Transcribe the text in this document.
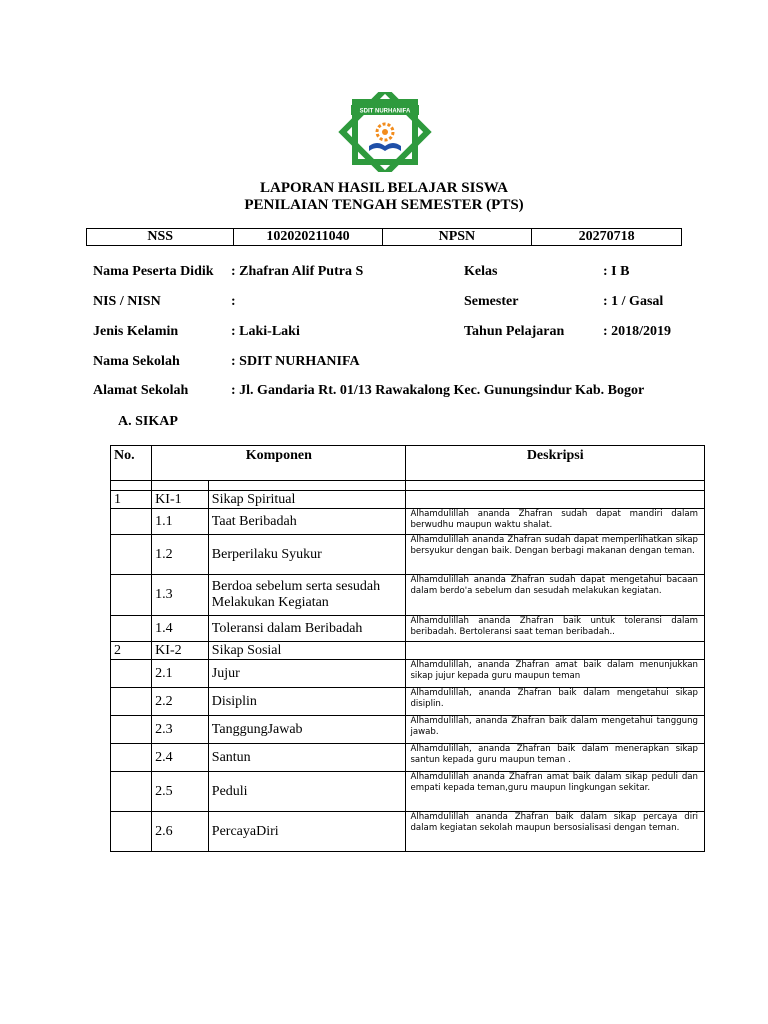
SDIT NURHANIFA
LAPORAN HASIL BELAJAR SISWA
PENILAIAN TENGAH SEMESTER (PTS)
NSS	102020211040	NPSN	20270718
Nama Peserta Didik : Zhafran Alif Putra S	Kelas	: I B
NIS / NISN	:	Semester	: 1 / Gasal
Jenis Kelamin	: Laki-Laki	Tahun Pelajaran	: 2018/2019
Nama Sekolah	: SDIT NURHANIFA
Alamat Sekolah	: Jl. Gandaria Rt. 01/13 Rawakalong Kec. Gunungsindur Kab. Bogor
A. SIKAP
No.	Komponen		Deskripsi

1	KI-1	Sikap Spiritual	
	1.1	Taat Beribadah	Alhamdulillah ananda Zhafran sudah dapat mandiri dalam berwudhu maupun waktu shalat.
	1.2	Berperilaku Syukur	Alhamdulillah ananda Zhafran sudah dapat memperlihatkan sikap bersyukur dengan baik. Dengan berbagi makanan dengan teman.
	1.3	Berdoa sebelum serta sesudah Melakukan Kegiatan	Alhamdulillah ananda Zhafran sudah dapat mengetahui bacaan dalam berdo'a sebelum dan sesudah melakukan kegiatan.
	1.4	Toleransi dalam Beribadah	Alhamdulillah ananda Zhafran baik untuk toleransi dalam beribadah. Bertoleransi saat teman beribadah..
2	KI-2	Sikap Sosial	
	2.1	Jujur	Alhamdulillah, ananda Zhafran amat baik dalam menunjukkan sikap jujur kepada guru maupun teman
	2.2	Disiplin	Alhamdulillah, ananda Zhafran baik dalam mengetahui sikap disiplin.
	2.3	TanggungJawab	Alhamdulillah, ananda Zhafran baik dalam mengetahui tanggung jawab.
	2.4	Santun	Alhamdulillah, ananda Zhafran baik dalam menerapkan sikap santun kepada guru maupun teman .
	2.5	Peduli	Alhamdulillah ananda Zhafran amat baik dalam sikap peduli dan empati kepada teman,guru maupun lingkungan sekitar.
	2.6	PercayaDiri	Alhamdulillah ananda Zhafran baik dalam sikap percaya diri dalam kegiatan sekolah maupun bersosialisasi dengan teman.
